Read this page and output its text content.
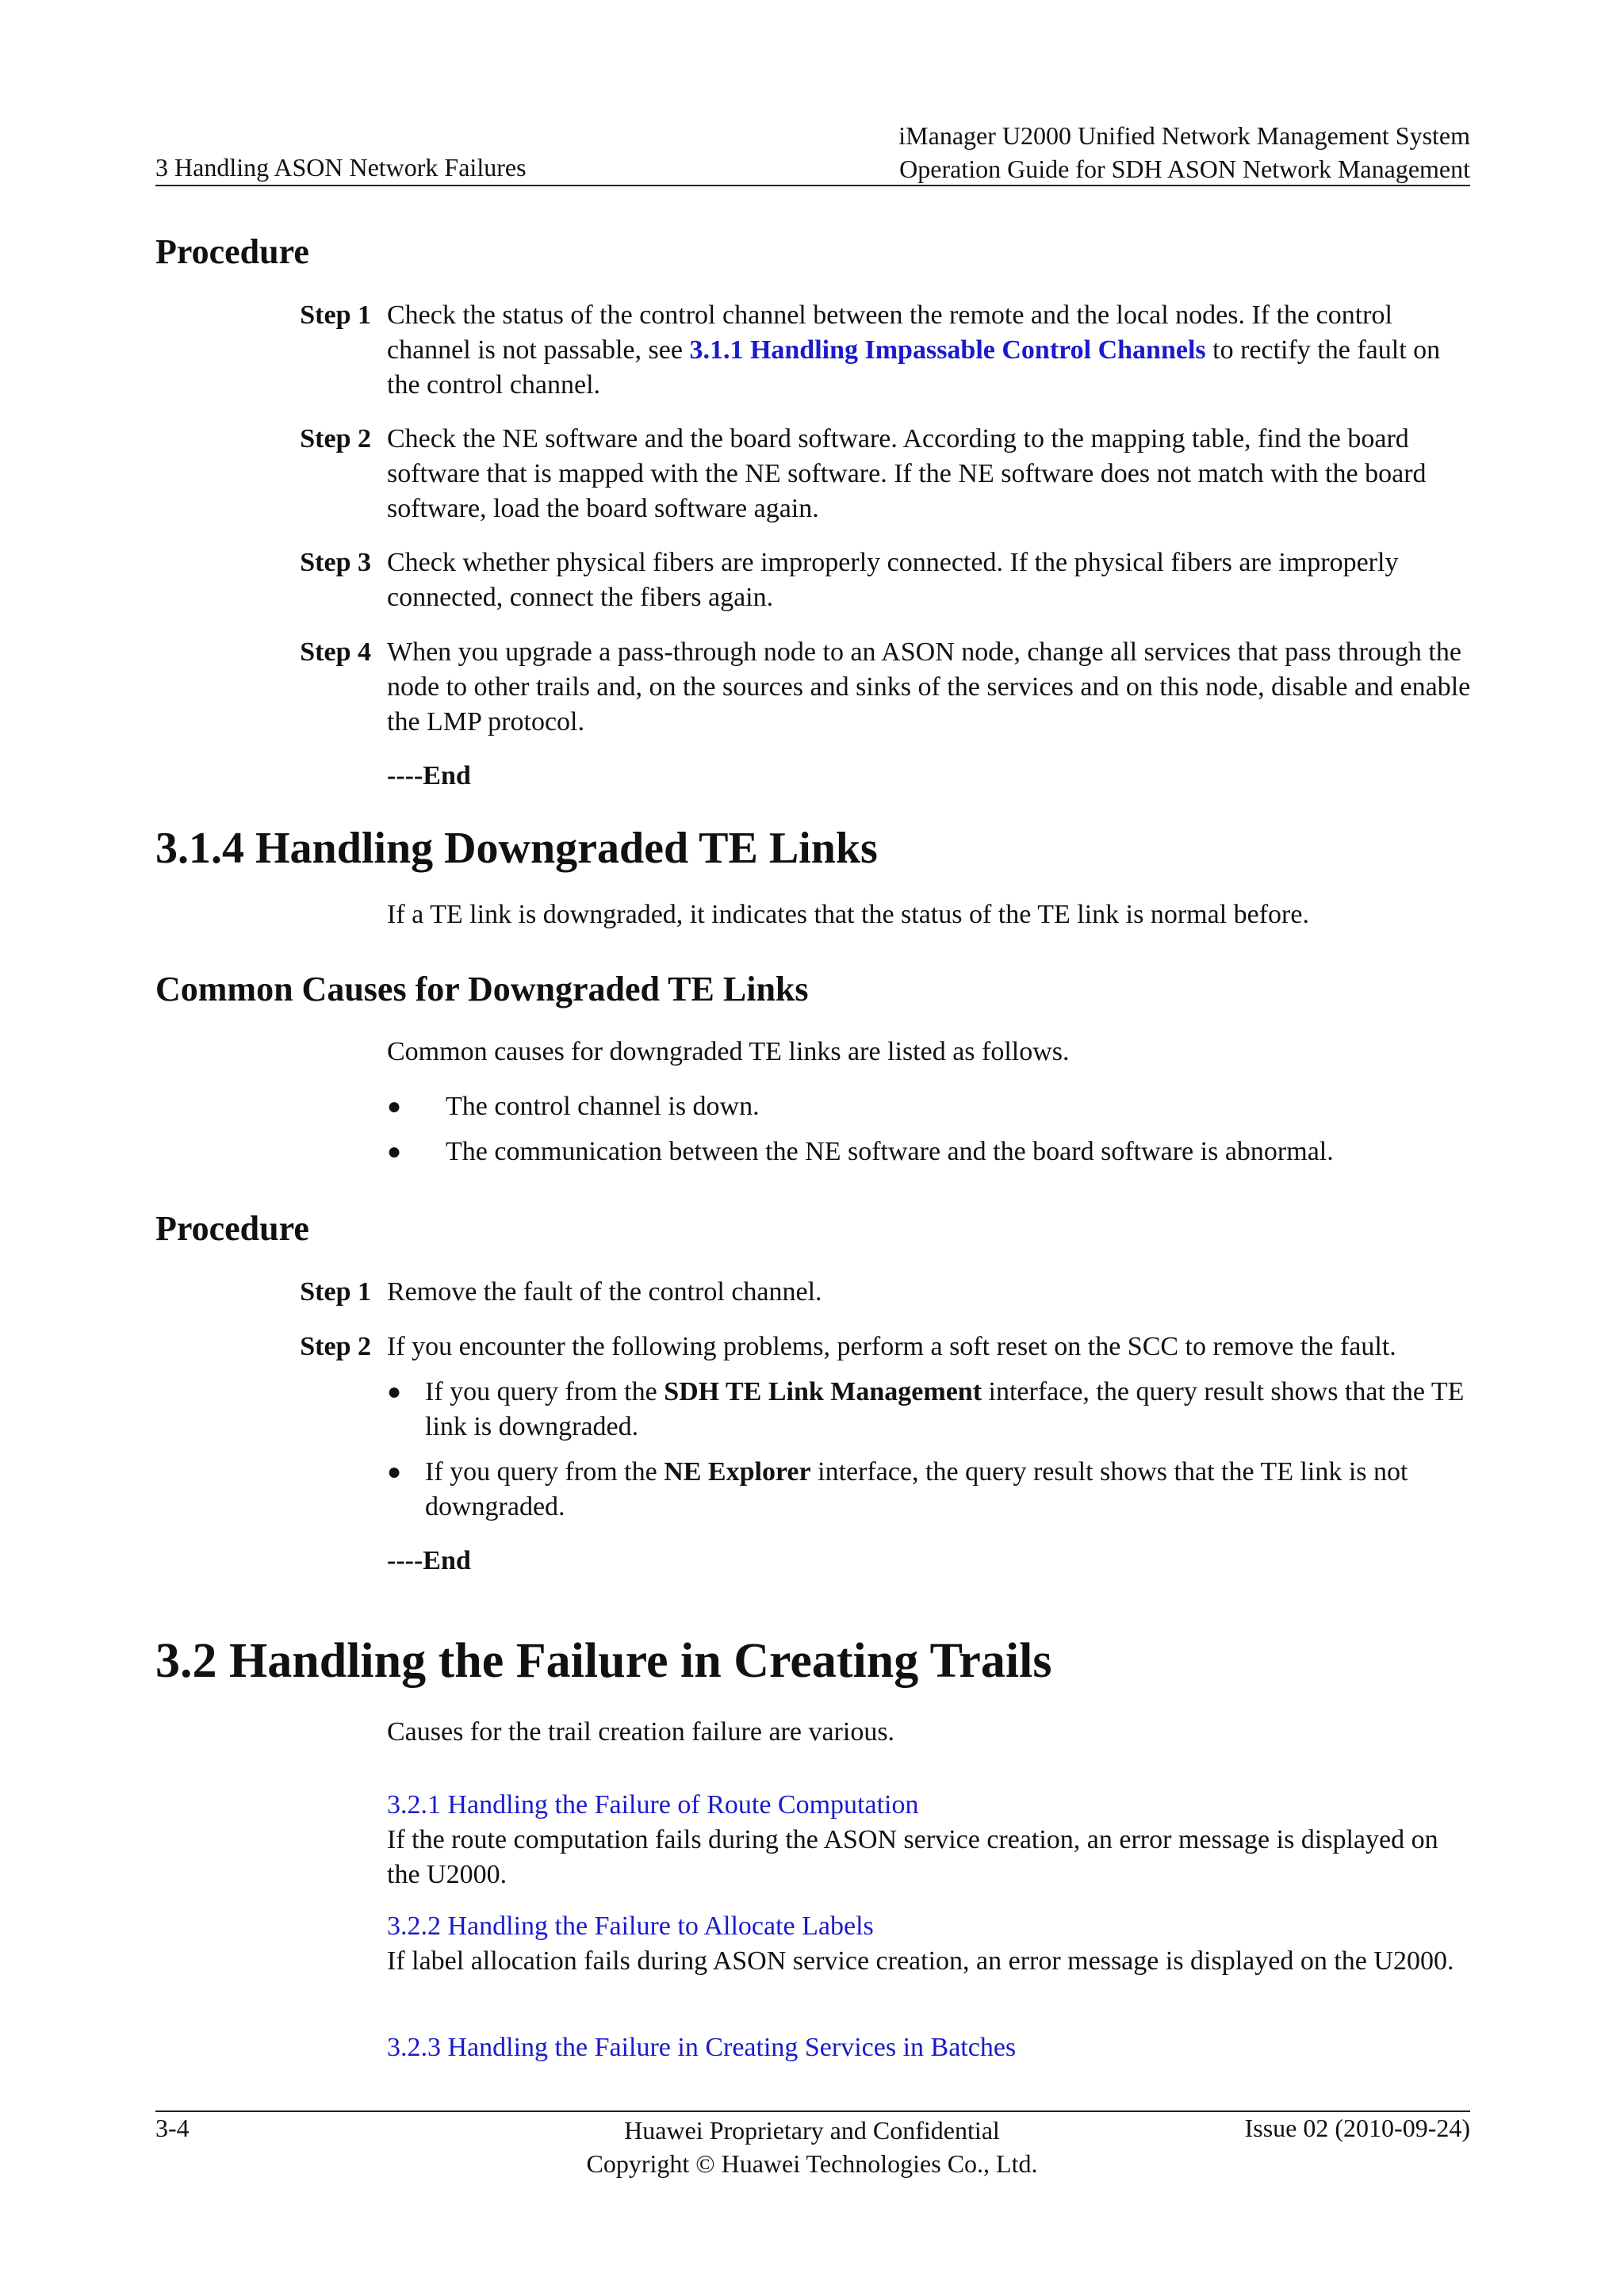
iManager U2000 Unified Network Management System
Operation Guide for SDH ASON Network Management
3 Handling ASON Network Failures
Procedure
Step 1 Check the status of the control channel between the remote and the local nodes. If the control channel is not passable, see 3.1.1 Handling Impassable Control Channels to rectify the fault on the control channel.
Step 2 Check the NE software and the board software. According to the mapping table, find the board software that is mapped with the NE software. If the NE software does not match with the board software, load the board software again.
Step 3 Check whether physical fibers are improperly connected. If the physical fibers are improperly connected, connect the fibers again.
Step 4 When you upgrade a pass-through node to an ASON node, change all services that pass through the node to other trails and, on the sources and sinks of the services and on this node, disable and enable the LMP protocol.
----End
3.1.4 Handling Downgraded TE Links
If a TE link is downgraded, it indicates that the status of the TE link is normal before.
Common Causes for Downgraded TE Links
Common causes for downgraded TE links are listed as follows.
● The control channel is down.
● The communication between the NE software and the board software is abnormal.
Procedure
Step 1 Remove the fault of the control channel.
Step 2 If you encounter the following problems, perform a soft reset on the SCC to remove the fault.
● If you query from the SDH TE Link Management interface, the query result shows that the TE link is downgraded.
● If you query from the NE Explorer interface, the query result shows that the TE link is not downgraded.
----End
3.2 Handling the Failure in Creating Trails
Causes for the trail creation failure are various.
3.2.1 Handling the Failure of Route Computation
If the route computation fails during the ASON service creation, an error message is displayed on the U2000.
3.2.2 Handling the Failure to Allocate Labels
If label allocation fails during ASON service creation, an error message is displayed on the U2000.
3.2.3 Handling the Failure in Creating Services in Batches
3-4	Huawei Proprietary and Confidential
Copyright © Huawei Technologies Co., Ltd.
Issue 02 (2010-09-24)
